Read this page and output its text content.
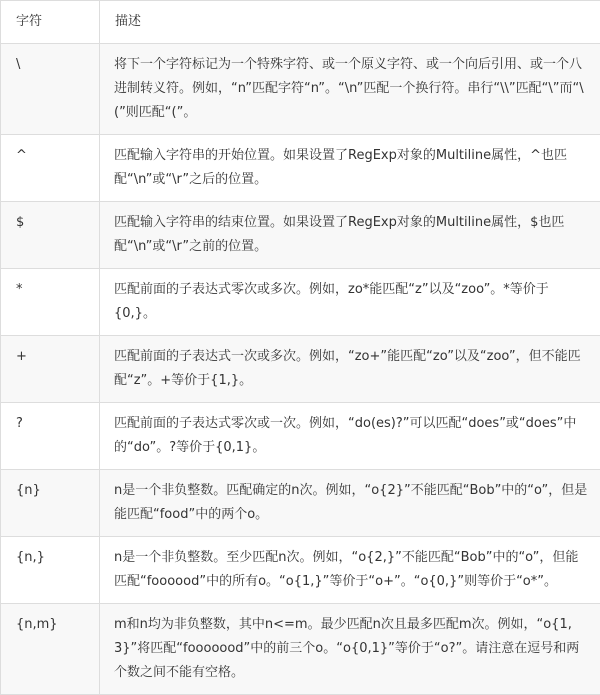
字符	描述
\	将下一个字符标记为一个特殊字符、或一个原义字符、或一个向后引用、或一个八进制转义符。例如，“n”匹配字符“n”。“\n”匹配一个换行符。串行“\\”匹配“\”而“\(”则匹配“(”。
^	匹配输入字符串的开始位置。如果设置了RegExp对象的Multiline属性，^也匹配“\n”或“\r”之后的位置。
$	匹配输入字符串的结束位置。如果设置了RegExp对象的Multiline属性，$也匹配“\n”或“\r”之前的位置。
*	匹配前面的子表达式零次或多次。例如，zo*能匹配“z”以及“zoo”。*等价于{0,}。
+	匹配前面的子表达式一次或多次。例如，“zo+”能匹配“zo”以及“zoo”，但不能匹配“z”。+等价于{1,}。
?	匹配前面的子表达式零次或一次。例如，“do(es)?”可以匹配“does”或“does”中的“do”。?等价于{0,1}。
{n}	n是一个非负整数。匹配确定的n次。例如，“o{2}”不能匹配“Bob”中的“o”，但是能匹配“food”中的两个o。
{n,}	n是一个非负整数。至少匹配n次。例如，“o{2,}”不能匹配“Bob”中的“o”，但能匹配“foooood”中的所有o。“o{1,}”等价于“o+”。“o{0,}”则等价于“o*”。
{n,m}	m和n均为非负整数，其中n<=m。最少匹配n次且最多匹配m次。例如，“o{1,3}”将匹配“fooooood”中的前三个o。“o{0,1}”等价于“o?”。请注意在逗号和两个数之间不能有空格。
